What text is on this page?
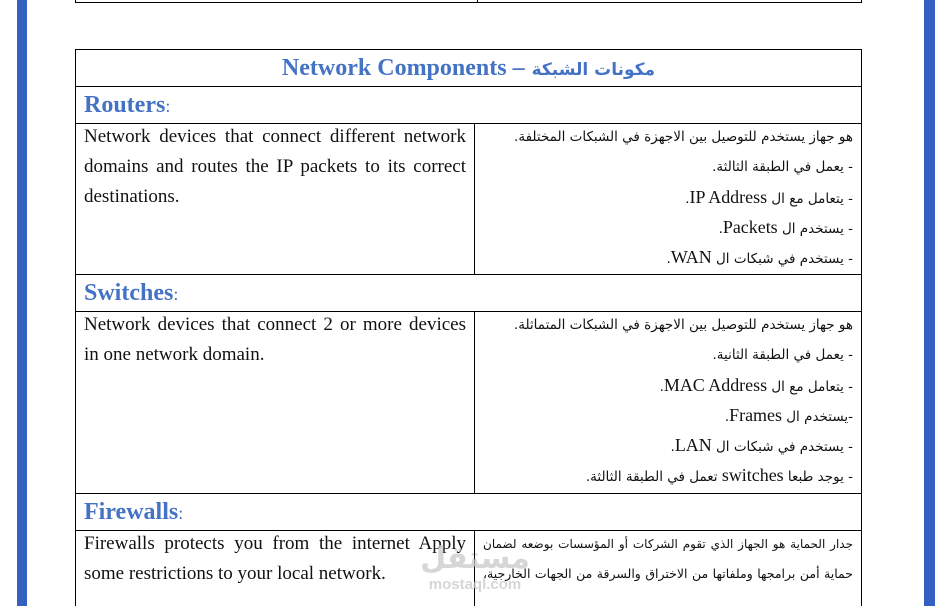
Network Components – مكونات الشبكة
Routers:

Network devices that connect different network domains and routes the IP packets to its correct destinations.

هو جهاز يستخدم للتوصيل بين الاجهزة في الشبكات المختلفة.
- يعمل في الطبقة الثالثة.
- يتعامل مع ال IP Address.
- يستخدم ال Packets.
- يستخدم في شبكات ال WAN.
Switches:

Network devices that connect 2 or more devices in one network domain.

هو جهاز يستخدم للتوصيل بين الاجهزة في الشبكات المتماثلة.
- يعمل في الطبقة الثانية.
- يتعامل مع ال MAC Address.
-يستخدم ال Frames.
- يستخدم في شبكات ال LAN.
- يوجد طبعا switches تعمل في الطبقة الثالثة.
Firewalls:

Firewalls protects you from the internet Apply some restrictions to your local network.

جدار الحماية هو الجهاز الذي تقوم الشركات أو المؤسسات بوضعه لضمان
حماية أمن برامجها وملفاتها من الاختراق والسرقة من الجهات الخارجية،
مستقل
mostaql.com
